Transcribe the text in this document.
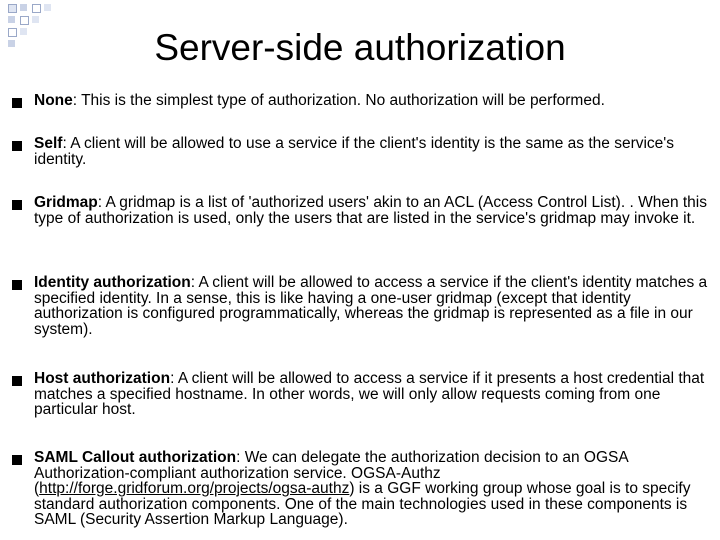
Server-side authorization
None: This is the simplest type of authorization. No authorization will be performed.
Self: A client will be allowed to use a service if the client's identity is the same as the service's identity.
Gridmap: A gridmap is a list of 'authorized users' akin to an ACL (Access Control List). . When this type of authorization is used, only the users that are listed in the service's gridmap may invoke it.
Identity authorization: A client will be allowed to access a service if the client's identity matches a specified identity. In a sense, this is like having a one-user gridmap (except that identity authorization is configured programmatically, whereas the gridmap is represented as a file in our system).
Host authorization: A client will be allowed to access a service if it presents a host credential that matches a specified hostname. In other words, we will only allow requests coming from one particular host.
SAML Callout authorization: We can delegate the authorization decision to an OGSA Authorization-compliant authorization service. OGSA-Authz (http://forge.gridforum.org/projects/ogsa-authz) is a GGF working group whose goal is to specify standard authorization components. One of the main technologies used in these components is SAML (Security Assertion Markup Language).
